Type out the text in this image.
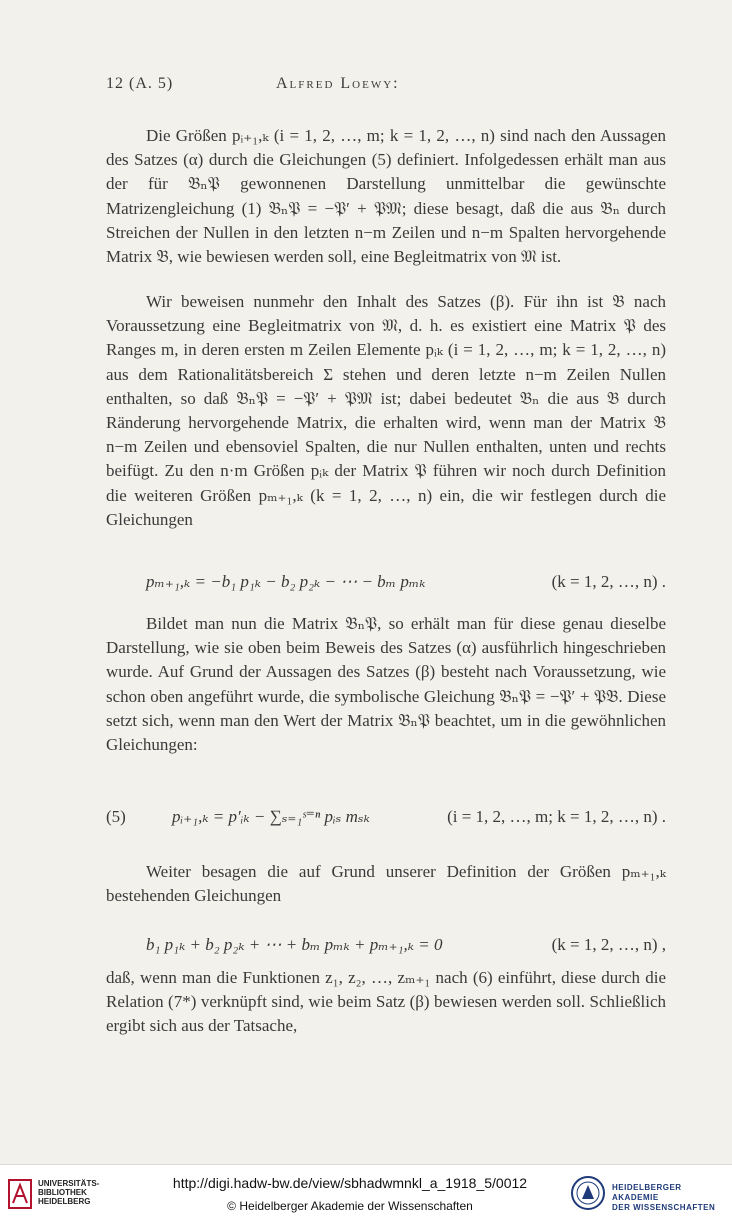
12 (A. 5)	Alfred Loewy:
Die Größen pᵢ₊₁,ₖ (i = 1, 2, …, m; k = 1, 2, …, n) sind nach den Aussagen des Satzes (α) durch die Gleichungen (5) definiert. Infolgedessen erhält man aus der für 𝔅ₙ𝔓 gewonnenen Darstellung unmittelbar die gewünschte Matrizengleichung (1) 𝔅ₙ𝔓 = −𝔓′ + 𝔓𝔐; diese besagt, daß die aus 𝔅ₙ durch Streichen der Nullen in den letzten n−m Zeilen und n−m Spalten hervorgehende Matrix 𝔅, wie bewiesen werden soll, eine Begleitmatrix von 𝔐 ist.
Wir beweisen nunmehr den Inhalt des Satzes (β). Für ihn ist 𝔅 nach Voraussetzung eine Begleitmatrix von 𝔐, d. h. es existiert eine Matrix 𝔓 des Ranges m, in deren ersten m Zeilen Elemente pᵢₖ (i = 1, 2, …, m; k = 1, 2, …, n) aus dem Rationalitätsbereich Σ stehen und deren letzte n−m Zeilen Nullen enthalten, so daß 𝔅ₙ𝔓 = −𝔓′ + 𝔓𝔐 ist; dabei bedeutet 𝔅ₙ die aus 𝔅 durch Ränderung hervorgehende Matrix, die erhalten wird, wenn man der Matrix 𝔅 n−m Zeilen und ebensoviel Spalten, die nur Nullen enthalten, unten und rechts beifügt. Zu den n·m Größen pᵢₖ der Matrix 𝔓 führen wir noch durch Definition die weiteren Größen pₘ₊₁,ₖ (k = 1, 2, …, n) ein, die wir festlegen durch die Gleichungen
pₘ₊₁,ₖ = −b₁ p₁ₖ − b₂ p₂ₖ − ⋯ − bₘ pₘₖ	(k = 1, 2, …, n) .
Bildet man nun die Matrix 𝔅ₙ𝔓, so erhält man für diese genau dieselbe Darstellung, wie sie oben beim Beweis des Satzes (α) ausführlich hingeschrieben wurde. Auf Grund der Aussagen des Satzes (β) besteht nach Voraussetzung, wie schon oben angeführt wurde, die symbolische Gleichung 𝔅ₙ𝔓 = −𝔓′ + 𝔓𝔅. Diese setzt sich, wenn man den Wert der Matrix 𝔅ₙ𝔓 beachtet, um in die gewöhnlichen Gleichungen:
(5)	pᵢ₊₁,ₖ = p′ᵢₖ − ∑ₛ₌₁ˢ⁼ⁿ pᵢₛ mₛₖ	(i = 1, 2, …, m; k = 1, 2, …, n) .
Weiter besagen die auf Grund unserer Definition der Größen pₘ₊₁,ₖ bestehenden Gleichungen
b₁ p₁ₖ + b₂ p₂ₖ + ⋯ + bₘ pₘₖ + pₘ₊₁,ₖ = 0	(k = 1, 2, …, n) ,
daß, wenn man die Funktionen z₁, z₂, …, zₘ₊₁ nach (6) einführt, diese durch die Relation (7*) verknüpft sind, wie beim Satz (β) bewiesen werden soll. Schließlich ergibt sich aus der Tatsache,
UNIVERSITÄTS-
BIBLIOTHEK
HEIDELBERG
http://digi.hadw-bw.de/view/sbhadwmnkl_a_1918_5/0012
© Heidelberger Akademie der Wissenschaften
HEIDELBERGER AKADEMIE
DER WISSENSCHAFTEN
